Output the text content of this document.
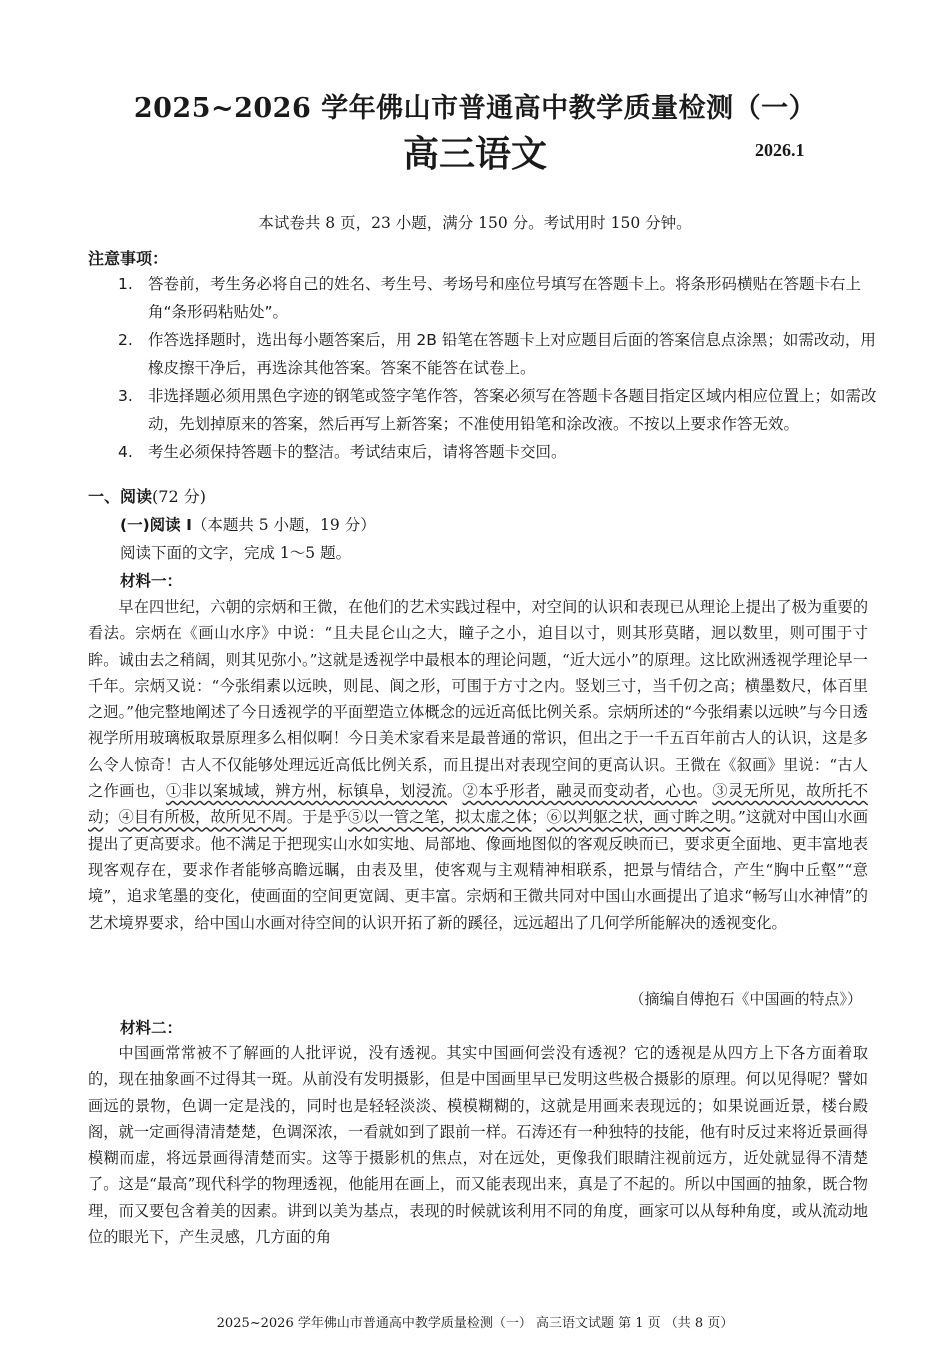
2025~2026 学年佛山市普通高中教学质量检测（一）
高三语文	2026.1
本试卷共 8 页，23 小题，满分 150 分。考试用时 150 分钟。
注意事项：
1. 答卷前，考生务必将自己的姓名、考生号、考场号和座位号填写在答题卡上。将条形码横贴在答题卡右上角“条形码粘贴处”。
2. 作答选择题时，选出每小题答案后，用 2B 铅笔在答题卡上对应题目后面的答案信息点涂黑；如需改动，用橡皮擦干净后，再选涂其他答案。答案不能答在试卷上。
3. 非选择题必须用黑色字迹的钢笔或签字笔作答，答案必须写在答题卡各题目指定区域内相应位置上；如需改动，先划掉原来的答案，然后再写上新答案；不准使用铅笔和涂改液。不按以上要求作答无效。
4. 考生必须保持答题卡的整洁。考试结束后，请将答题卡交回。
一、阅读(72 分)
(一)阅读 I（本题共 5 小题，19 分）
阅读下面的文字，完成 1～5 题。
材料一：

早在四世纪，六朝的宗炳和王微，在他们的艺术实践过程中，对空间的认识和表现已从理论上提出了极为重要的看法。宗炳在《画山水序》中说：“且夫昆仑山之大，瞳子之小，迫目以寸，则其形莫睹，迥以数里，则可围于寸眸。诚由去之稍阔，则其见弥小。”这就是透视学中最根本的理论问题，“近大远小”的原理。这比欧洲透视学理论早一千年。宗炳又说：“今张绢素以远映，则昆、阆之形，可围于方寸之内。竖划三寸，当千仞之高；横墨数尺，体百里之迥。”他完整地阐述了今日透视学的平面塑造立体概念的远近高低比例关系。宗炳所述的“今张绢素以远映”与今日透视学所用玻璃板取景原理多么相似啊！今日美术家看来是最普通的常识，但出之于一千五百年前古人的认识，这是多么令人惊奇！古人不仅能够处理远近高低比例关系，而且提出对表现空间的更高认识。王微在《叙画》里说：“古人之作画也，①非以案城域，辨方州，标镇阜，划浸流。②本乎形者，融灵而变动者，心也。③灵无所见，故所托不动；④目有所极，故所见不周。于是乎⑤以一管之笔，拟太虚之体；⑥以判躯之状，画寸眸之明。”这就对中国山水画提出了更高要求。他不满足于把现实山水如实地、局部地、像画地图似的客观反映而已，要求更全面地、更丰富地表现客观存在，要求作者能够高瞻远瞩，由表及里，使客观与主观精神相联系，把景与情结合，产生“胸中丘壑”“意境”，追求笔墨的变化，使画面的空间更宽阔、更丰富。宗炳和王微共同对中国山水画提出了追求“畅写山水神情”的艺术境界要求，给中国山水画对待空间的认识开拓了新的蹊径，远远超出了几何学所能解决的透视变化。

（摘编自傅抱石《中国画的特点》）
材料二：

中国画常常被不了解画的人批评说，没有透视。其实中国画何尝没有透视？它的透视是从四方上下各方面着取的，现在抽象画不过得其一斑。从前没有发明摄影，但是中国画里早已发明这些极合摄影的原理。何以见得呢？譬如画远的景物，色调一定是浅的，同时也是轻轻淡淡、模模糊糊的，这就是用画来表现远的；如果说画近景，楼台殿阁，就一定画得清清楚楚，色调深浓，一看就如到了跟前一样。石涛还有一种独特的技能，他有时反过来将近景画得模糊而虚，将远景画得清楚而实。这等于摄影机的焦点，对在远处，更像我们眼睛注视前远方，近处就显得不清楚了。这是“最高”现代科学的物理透视，他能用在画上，而又能表现出来，真是了不起的。所以中国画的抽象，既合物理，而又要包含着美的因素。讲到以美为基点，表现的时候就该利用不同的角度，画家可以从每种角度，或从流动地位的眼光下，产生灵感，几方面的角

2025~2026 学年佛山市普通高中教学质量检测（一） 高三语文试题 第 1 页 （共 8 页）
